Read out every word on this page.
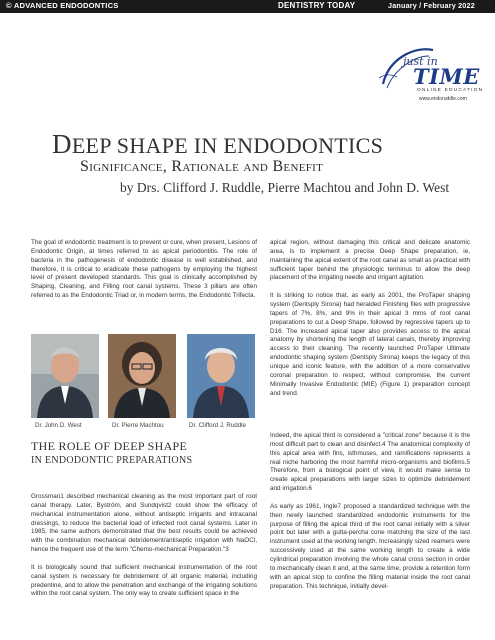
© ADVANCED ENDODONTICS	DENTISTRY TODAY	January / February 2022
just in
TIME
ONLINE EDUCATION
www.endoruddle.com
DEEP SHAPE IN ENDODONTICS
Significance, Rationale and Benefit
by Drs. Clifford J. Ruddle, Pierre Machtou and John D. West

The goal of endodontic treatment is to prevent or cure, when present, Lesions of Endodontic Origin, at times referred to as apical periodontitis. The role of bacteria in the pathogenesis of endodontic disease is well established, and therefore, it is critical to eradicate these pathogens by employing the highest level of present developed standards. This goal is clinically accomplished by Shaping, Cleaning, and Filling root canal systems. These 3 pillars are often referred to as the Endodontic Triad or, in modern terms, the Endodontic Trifecta.

Dr. John D. West	Dr. Pierre Machtou	Dr. Clifford J. Ruddle
THE ROLE OF DEEP SHAPE
IN ENDODONTIC PREPARATIONS

Grossman1 described mechanical cleaning as the most important part of root canal therapy. Later, Byström, and Sundqvist2 could show the efficacy of mechanical instrumentation alone, without antiseptic irrigants and intracanal dressings, to reduce the bacterial load of infected root canal systems. Later in 1985, the same authors demonstrated that the best results could be achieved with the combination mechanical debridement/antiseptic irrigation with NaOCl, hence the frequent use of the term "Chemo-mechanical Preparation."3

It is biologically sound that sufficient mechanical instrumentation of the root canal system is necessary for debridement of all organic material, including predentine, and to allow the penetration and exchange of the irrigating solutions within the root canal system. The only way to create sufficient space in the

apical region, without damaging this critical and delicate anatomic area, is to implement a precise Deep Shape preparation, ie, maintaining the apical extent of the root canal as small as practical with sufficient taper behind the physiologic terminus to allow the deep placement of the irrigating needle and irrigant agitation.

It is striking to notice that, as early as 2001, the ProTaper shaping system (Dentsply Sirona) had heralded Finishing files with progressive tapers of 7%, 8%, and 9% in their apical 3 mms of root canal preparations to cut a Deep Shape, followed by regressive tapers up to D16. The increased apical taper also provides access to the apical anatomy by shortening the length of lateral canals, thereby improving access to their cleaning. The recently launched ProTaper Ultimate endodontic shaping system (Dentsply Sirona) keeps the legacy of this unique and iconic feature, with the addition of a more conservative coronal preparation to respect, without compromise, the current Minimally Invasive Endodontic (MIE) (Figure 1) preparation concept and trend.

Indeed, the apical third is considered a "critical zone" because it is the most difficult part to clean and disinfect.4 The anatomical complexity of this apical area with fins, isthmuses, and ramifications represents a real niche harboring the most harmful micro-organisms and biofilms.5 Therefore, from a biological point of view, it would make sense to create apical preparations with larger sizes to optimize debridement and irrigation.6

As early as 1961, Ingle7 proposed a standardized technique with the then newly launched standardized endodontic instruments for the purpose of filling the apical third of the root canal initially with a silver point but later with a gutta-percha cone matching the size of the last instrument used at the working length. Increasingly sized reamers were successively used at the same working length to create a wide cylindrical preparation involving the whole canal cross section in order to mechanically clean it and, at the same time, provide a retention form with an apical stop to confine the filling material inside the root canal preparation. This technique, initially devel-
